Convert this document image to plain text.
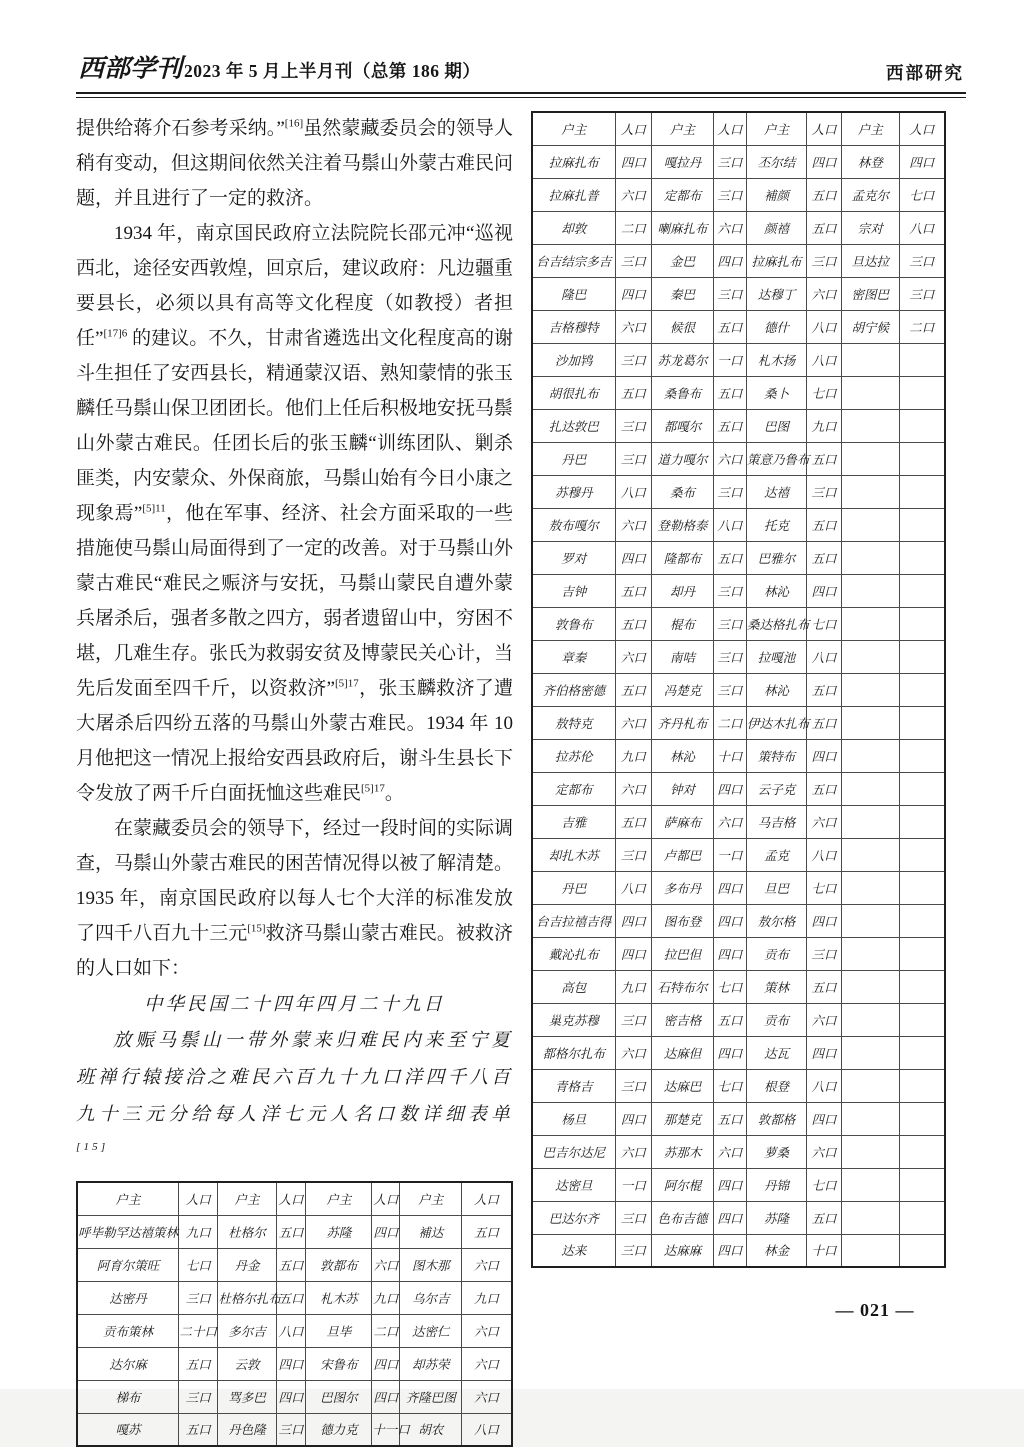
西部学刊 2023 年 5 月上半月刊（总第 186 期）	西部研究

提供给蒋介石参考采纳。”[16]虽然蒙藏委员会的领导人稍有变动，但这期间依然关注着马鬃山外蒙古难民问题，并且进行了一定的救济。

1934 年，南京国民政府立法院院长邵元冲“巡视西北，途径安西敦煌，回京后，建议政府：凡边疆重要县长，必须以具有高等文化程度（如教授）者担任”$^{[17]6}$ 的建议。不久，甘肃省遴选出文化程度高的谢斗生担任了安西县长，精通蒙汉语、熟知蒙情的张玉麟任马鬃山保卫团团长。他们上任后积极地安抚马鬃山外蒙古难民。任团长后的张玉麟“训练团队、剿杀匪类，内安蒙众、外保商旅，马鬃山始有今日小康之现象焉”$^{[5]11}$，他在军事、经济、社会方面采取的一些措施使马鬃山局面得到了一定的改善。对于马鬃山外蒙古难民“难民之赈济与安抚，马鬃山蒙民自遭外蒙兵屠杀后，强者多散之四方，弱者遗留山中，穷困不堪，几难生存。张氏为救弱安贫及博蒙民关心计，当先后发面至四千斤，以资救济”$^{[5]17}$，张玉麟救济了遭大屠杀后四纷五落的马鬃山外蒙古难民。1934 年 10 月他把这一情况上报给安西县政府后，谢斗生县长下令发放了两千斤白面抚恤这些难民$^{[5]17}$。

在蒙藏委员会的领导下，经过一段时间的实际调查，马鬃山外蒙古难民的困苦情况得以被了解清楚。1935 年，南京国民政府以每人七个大洋的标准发放了四千八百九十三元[15]救济马鬃山蒙古难民。被救济的人口如下：

中华民国二十四年四月二十九日

放赈马鬃山一带外蒙来归难民内来至宁夏班禅行辕接洽之难民六百九十九口洋四千八百九十三元分给每人洋七元人名口数详细表单[15]

户主	人口	户主	人口	户主	人口	户主	人口
呼毕勒罕达禧策林	九口	杜格尔	五口	苏隆	四口	補达	五口
阿育尔策旺	七口	丹金	五口	敦都布	六口	图木那	六口
达密丹	三口	杜格尔扎布	五口	札木苏	九口	乌尔吉	九口
贡布策林	二十口	多尔吉	八口	旦毕	二口	达密仁	六口
达尔麻	五口	云敦	四口	宋鲁布	四口	却苏荣	六口
梯布	三口	骂多巴	四口	巴图尔	四口	齐隆巴图	六口
嘎苏	五口	丹色隆	三口	德力克	十一口	胡农	八口
户主	人口	户主	人口	户主	人口	户主	人口
拉麻扎布	四口	嘎拉丹	三口	丕尔结	四口	林登	四口
拉麻扎普	六口	定都布	三口	補颜	五口	孟克尔	七口
却敦	二口	喇麻扎布	六口	颜禧	五口	宗对	八口
台吉结宗多吉	三口	金巴	四口	拉麻扎布	三口	旦达拉	三口
隆巴	四口	秦巴	三口	达穆丁	六口	密图巴	三口
吉格穆特	六口	候很	五口	德什	八口	胡宁候	二口
沙加鸨	三口	苏龙葛尔	一口	札木扬	八口		
胡很扎布	五口	桑鲁布	五口	桑卜	七口		
扎达敦巴	三口	都嘎尔	五口	巴图	九口		
丹巴	三口	道力嘎尔	六口	策意乃鲁布	五口		
苏穆丹	八口	桑布	三口	达禧	三口		
敖布嘎尔	六口	登勒格泰	八口	托克	五口		
罗对	四口	隆都布	五口	巴雅尔	五口		
吉钟	五口	却丹	三口	林沁	四口		
敦鲁布	五口	棍布	三口	桑达格扎布	七口		
章秦	六口	南咭	三口	拉嘎池	八口		
齐伯格密德	五口	冯楚克	三口	林沁	五口		
敖特克	六口	齐丹札布	二口	伊达木扎布	五口		
拉苏伦	九口	林沁	十口	策特布	四口		
定都布	六口	钟对	四口	云子克	五口		
吉雅	五口	萨麻布	六口	马吉格	六口		
却扎木苏	三口	卢都巴	一口	孟克	八口		
丹巴	八口	多布丹	四口	旦巴	七口		
台吉拉禧吉得	四口	图布登	四口	敖尔格	四口		
戴沁扎布	四口	拉巴但	四口	贡布	三口		
高包	九口	石特布尔	七口	策林	五口		
巢克苏穆	三口	密吉格	五口	贡布	六口		
都格尔扎布	六口	达麻但	四口	达瓦	四口		
青格吉	三口	达麻巴	七口	根登	八口		
杨旦	四口	那楚克	五口	敦都格	四口		
巴吉尔达尼	六口	苏那木	六口	萝桑	六口		
达密旦	一口	阿尔棍	四口	丹锦	七口		
巴达尔齐	三口	色布吉德	四口	苏隆	五口		
达来	三口	达麻麻	四口	林金	十口		
— 021 —
